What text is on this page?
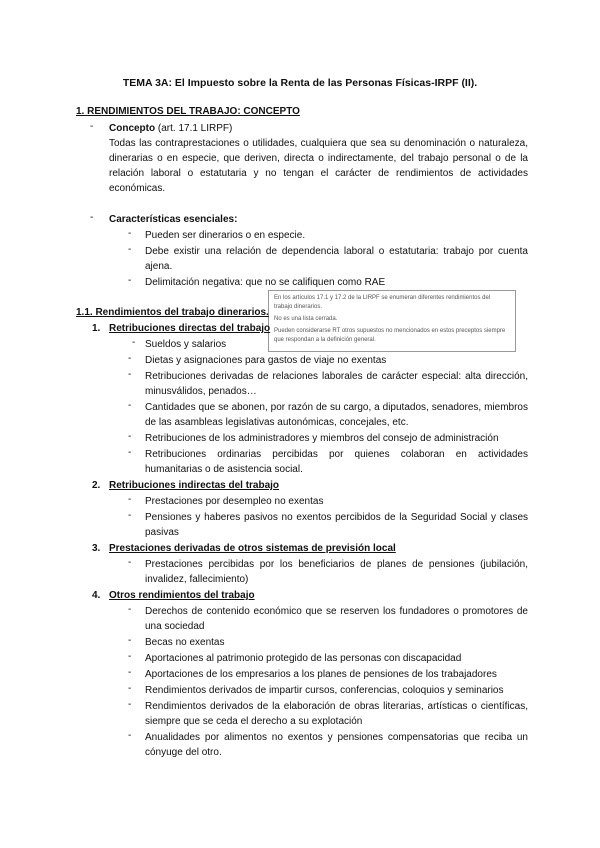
TEMA 3A: El Impuesto sobre la Renta de las Personas Físicas-IRPF (II).
1. RENDIMIENTOS DEL TRABAJO: CONCEPTO
- Concepto (art. 17.1 LIRPF)
Todas las contraprestaciones o utilidades, cualquiera que sea su denominación o naturaleza,
dinerarias o en especie, que deriven, directa o indirectamente, del trabajo personal o de la
relación laboral o estatutaria y no tengan el carácter de rendimientos de actividades
económicas.
- Características esenciales:
- Pueden ser dinerarios o en especie.
- Debe existir una relación de dependencia laboral o estatutaria: trabajo por cuenta
ajena.
- Delimitación negativa: que no se califiquen como RAE

En los artículos 17.1 y 17.2 de la LIRPF se enumeran diferentes rendimientos del trabajo dinerarios.

No es una lista cerrada.

Pueden considerarse RT otros supuestos no mencionados en estos preceptos siempre que respondan a la definición general.

1.1. Rendimientos del trabajo dinerarios.
1. Retribuciones directas del trabajo
- Sueldos y salarios
- Dietas y asignaciones para gastos de viaje no exentas
- Retribuciones derivadas de relaciones laborales de carácter especial: alta dirección,
minusválidos, penados…
- Cantidades que se abonen, por razón de su cargo, a diputados, senadores, miembros
de las asambleas legislativas autonómicas, concejales, etc.
- Retribuciones de los administradores y miembros del consejo de administración
- Retribuciones ordinarias percibidas por quienes colaboran en actividades
humanitarias o de asistencia social.
2. Retribuciones indirectas del trabajo
- Prestaciones por desempleo no exentas
- Pensiones y haberes pasivos no exentos percibidos de la Seguridad Social y clases
pasivas
3. Prestaciones derivadas de otros sistemas de previsión local
- Prestaciones percibidas por los beneficiarios de planes de pensiones (jubilación,
invalidez, fallecimiento)
4. Otros rendimientos del trabajo
- Derechos de contenido económico que se reserven los fundadores o promotores de
una sociedad
- Becas no exentas
- Aportaciones al patrimonio protegido de las personas con discapacidad
- Aportaciones de los empresarios a los planes de pensiones de los trabajadores
- Rendimientos derivados de impartir cursos, conferencias, coloquios y seminarios
- Rendimientos derivados de la elaboración de obras literarias, artísticas o científicas,
siempre que se ceda el derecho a su explotación
- Anualidades por alimentos no exentos y pensiones compensatorias que reciba un
cónyuge del otro.
